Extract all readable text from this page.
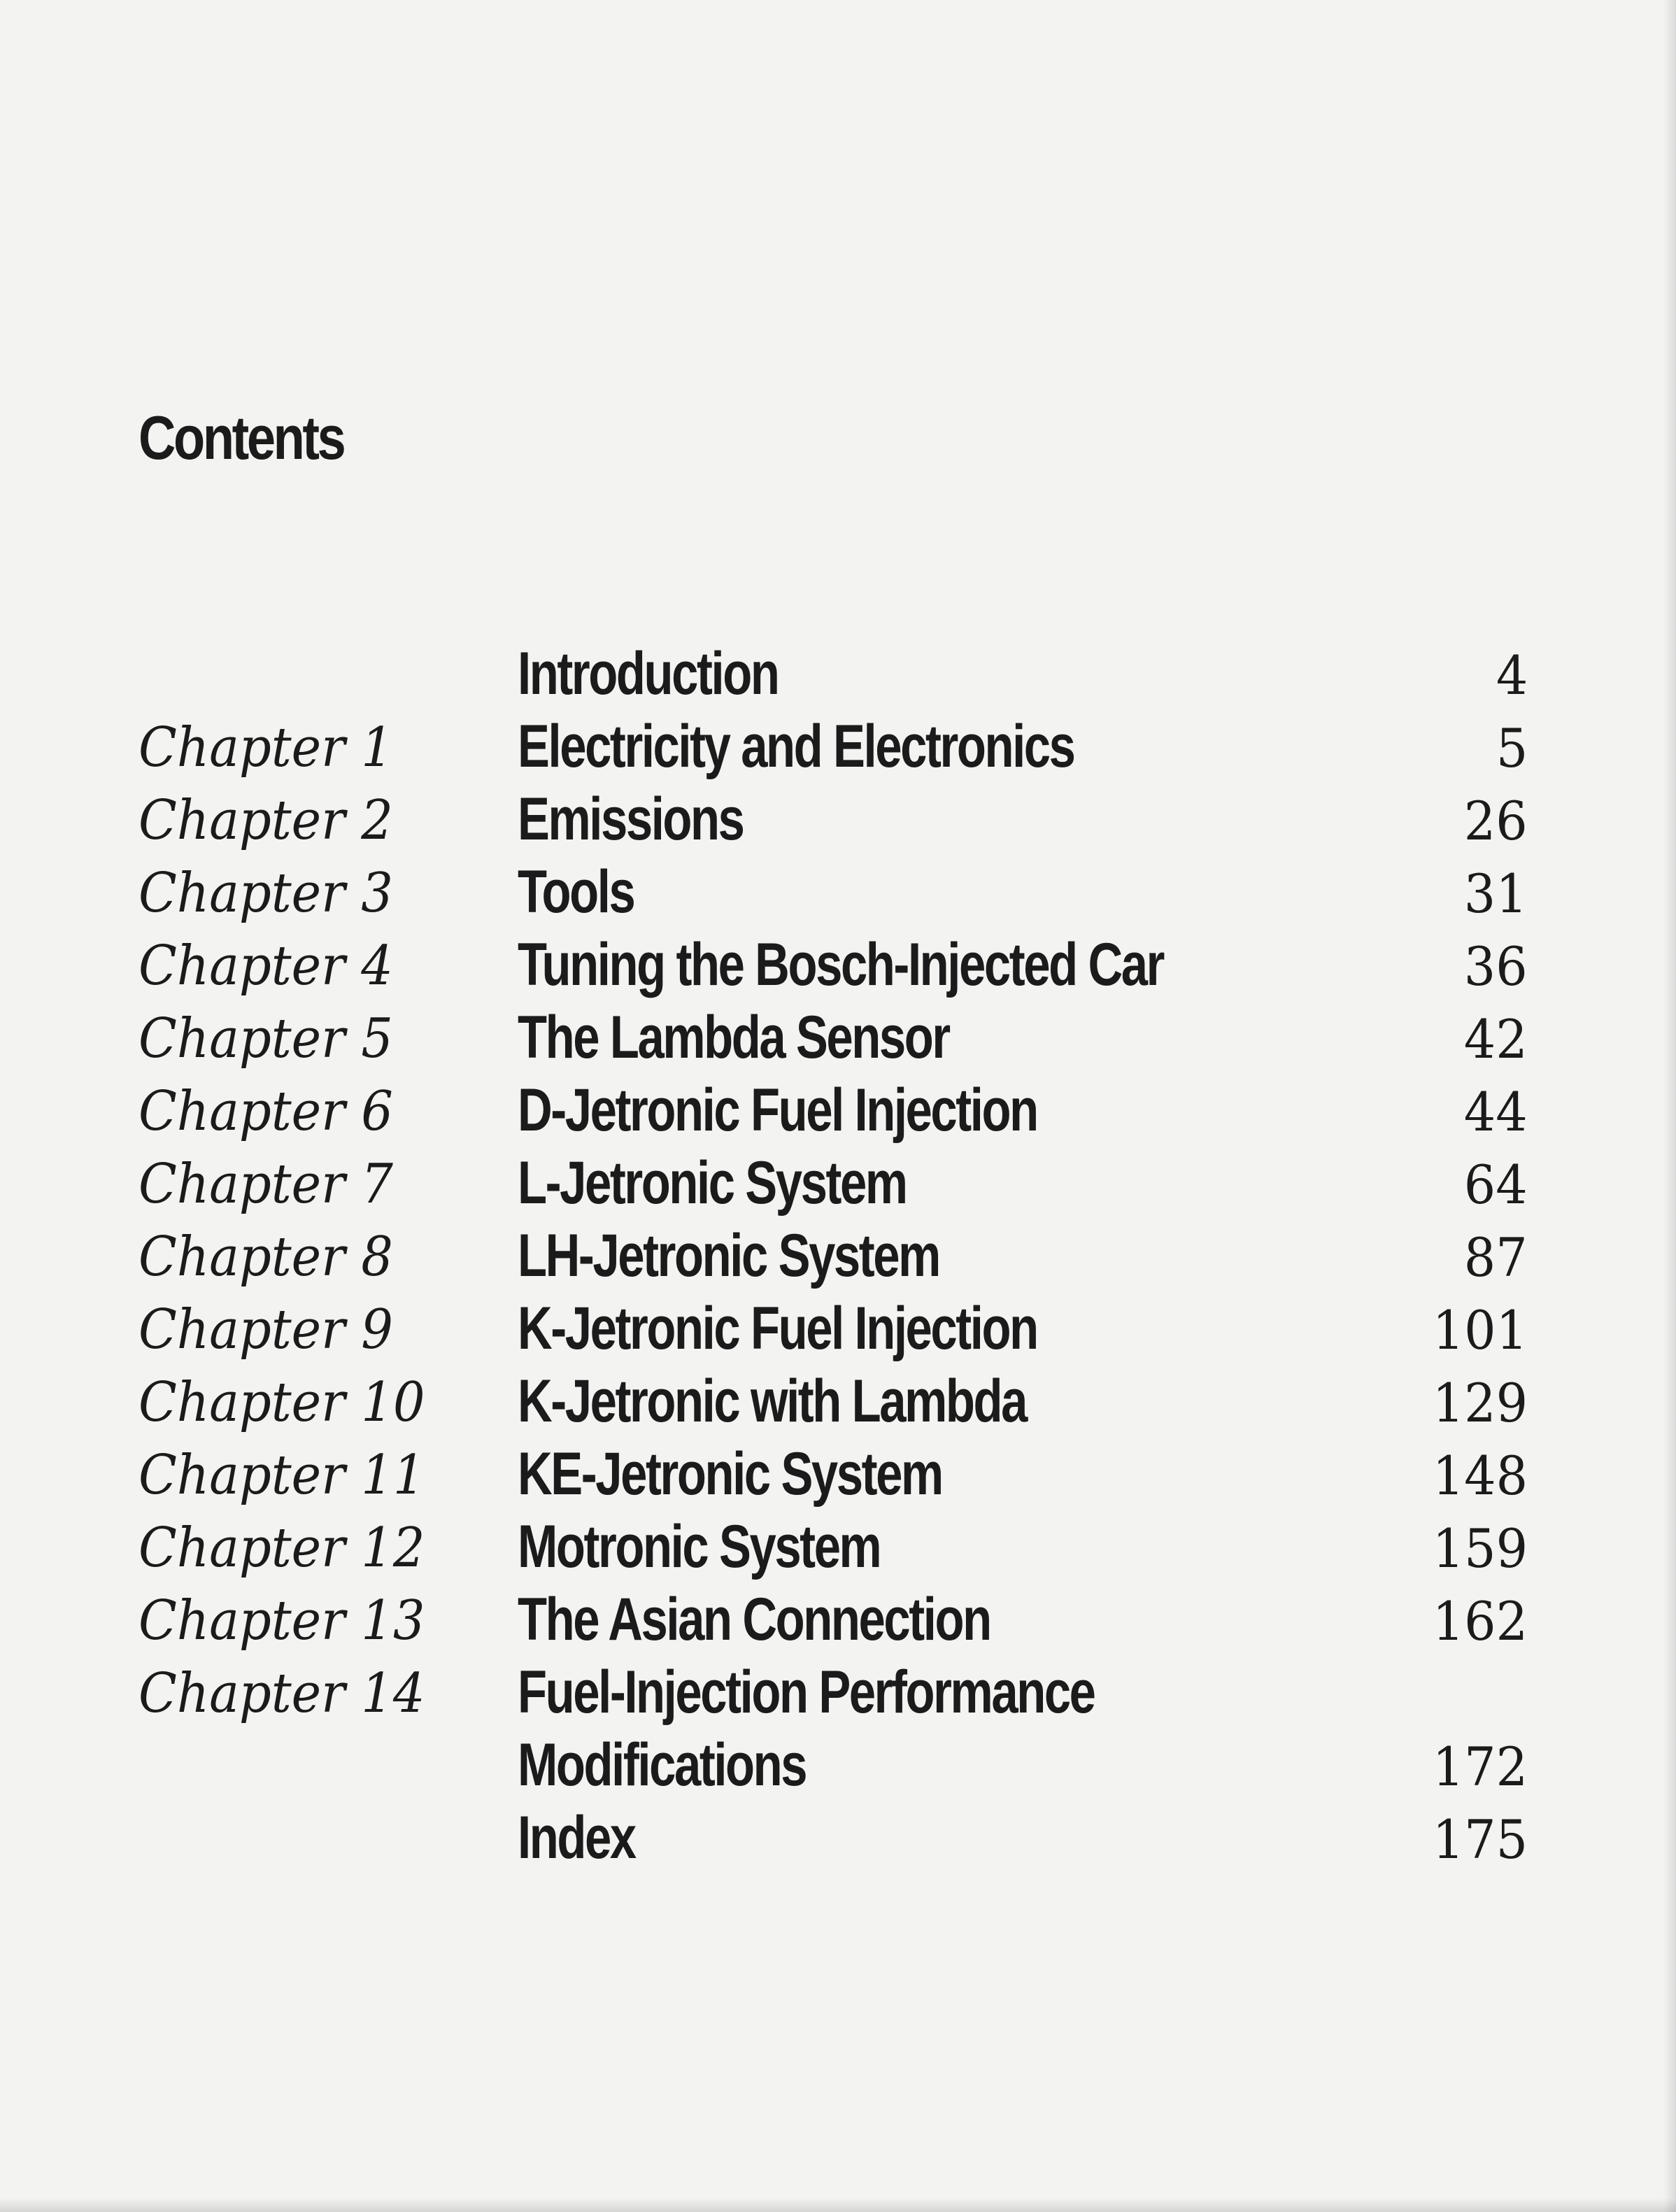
Contents
Introduction	4
Chapter 1 Electricity and Electronics	5
Chapter 2 Emissions	26
Chapter 3 Tools	31
Chapter 4 Tuning the Bosch-Injected Car	36
Chapter 5 The Lambda Sensor	42
Chapter 6 D-Jetronic Fuel Injection	44
Chapter 7 L-Jetronic System	64
Chapter 8 LH-Jetronic System	87
Chapter 9 K-Jetronic Fuel Injection	101
Chapter 10 K-Jetronic with Lambda	129
Chapter 11 KE-Jetronic System	148
Chapter 12 Motronic System	159
Chapter 13 The Asian Connection	162
Chapter 14 Fuel-Injection Performance
Modifications	172
Index	175
